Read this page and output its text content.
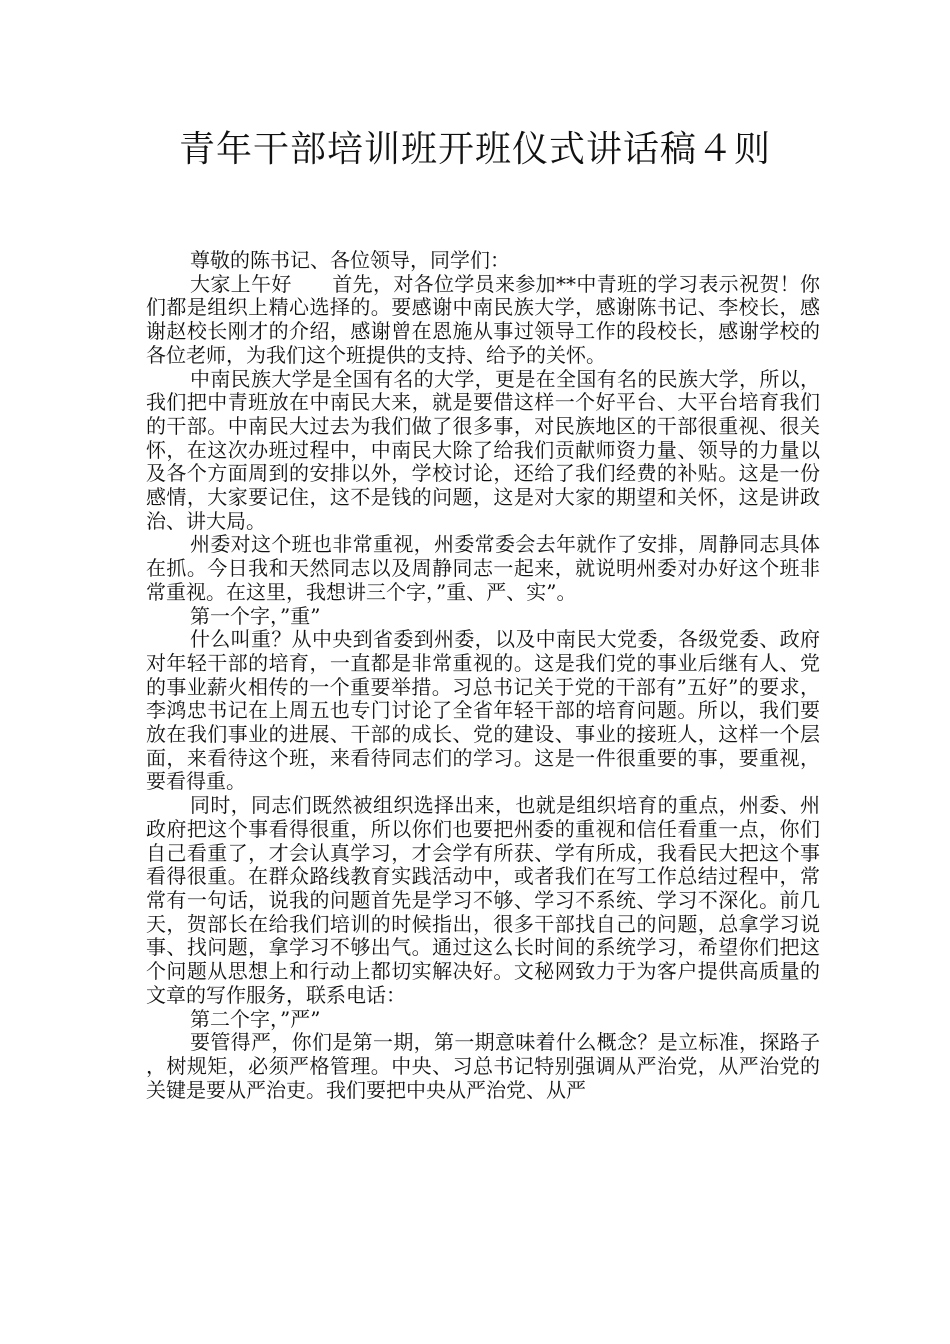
青年干部培训班开班仪式讲话稿４则

尊敬的陈书记、各位领导，同学们：

大家上午好　　首先，对各位学员来参加**中青班的学习表示祝贺！你们都是组织上精心选择的。要感谢中南民族大学，感谢陈书记、李校长，感谢赵校长刚才的介绍，感谢曾在恩施从事过领导工作的段校长，感谢学校的各位老师，为我们这个班提供的支持、给予的关怀。

中南民族大学是全国有名的大学，更是在全国有名的民族大学，所以，我们把中青班放在中南民大来，就是要借这样一个好平台、大平台培育我们的干部。中南民大过去为我们做了很多事，对民族地区的干部很重视、很关怀，在这次办班过程中，中南民大除了给我们贡献师资力量、领导的力量以及各个方面周到的安排以外，学校讨论，还给了我们经费的补贴。这是一份感情，大家要记住，这不是钱的问题，这是对大家的期望和关怀，这是讲政治、讲大局。

州委对这个班也非常重视，州委常委会去年就作了安排，周静同志具体在抓。今日我和天然同志以及周静同志一起来，就说明州委对办好这个班非常重视。在这里，我想讲三个字，”重、严、实”。

第一个字，”重”

什么叫重？从中央到省委到州委，以及中南民大党委，各级党委、政府对年轻干部的培育，一直都是非常重视的。这是我们党的事业后继有人、党的事业薪火相传的一个重要举措。习总书记关于党的干部有”五好”的要求，李鸿忠书记在上周五也专门讨论了全省年轻干部的培育问题。所以，我们要放在我们事业的进展、干部的成长、党的建设、事业的接班人，这样一个层面，来看待这个班，来看待同志们的学习。这是一件很重要的事，要重视，要看得重。

同时，同志们既然被组织选择出来，也就是组织培育的重点，州委、州政府把这个事看得很重，所以你们也要把州委的重视和信任看重一点，你们自己看重了，才会认真学习，才会学有所获、学有所成，我看民大把这个事看得很重。在群众路线教育实践活动中，或者我们在写工作总结过程中，常常有一句话，说我的问题首先是学习不够、学习不系统、学习不深化。前几天，贺部长在给我们培训的时候指出，很多干部找自己的问题，总拿学习说事、找问题，拿学习不够出气。通过这么长时间的系统学习，希望你们把这个问题从思想上和行动上都切实解决好。文秘网致力于为客户提供高质量的文章的写作服务，联系电话：

第二个字，”严”

要管得严，你们是第一期，第一期意味着什么概念？是立标准，探路子，树规矩，必须严格管理。中央、习总书记特别强调从严治党，从严治党的关键是要从严治吏。我们要把中央从严治党、从严
